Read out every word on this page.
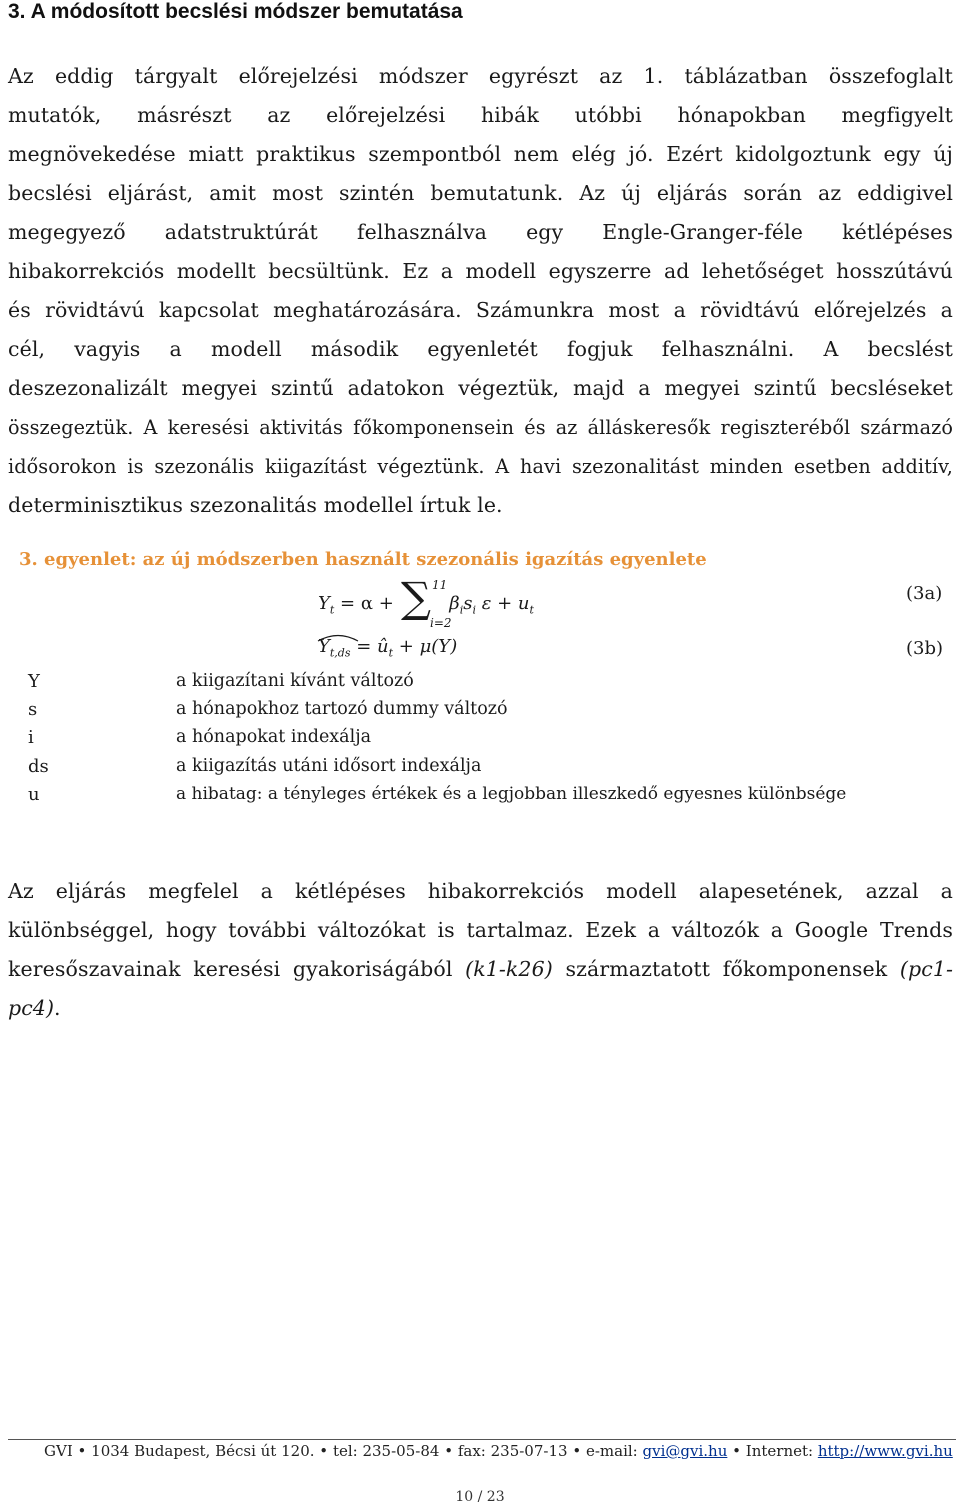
3. A módosított becslési módszer bemutatása

Az eddig tárgyalt előrejelzési módszer egyrészt az 1. táblázatban összefoglalt
mutatók, másrészt az előrejelzési hibák utóbbi hónapokban megfigyelt
megnövekedése miatt praktikus szempontból nem elég jó. Ezért kidolgoztunk egy új
becslési eljárást, amit most szintén bemutatunk. Az új eljárás során az eddigivel
megegyező adatstruktúrát felhasználva egy Engle-Granger-féle kétlépéses
hibakorrekciós modellt becsültünk. Ez a modell egyszerre ad lehetőséget hosszútávú
és rövidtávú kapcsolat meghatározására. Számunkra most a rövidtávú előrejelzés a
cél, vagyis a modell második egyenletét fogjuk felhasználni. A becslést
deszezonalizált megyei szintű adatokon végeztük, majd a megyei szintű becsléseket
összegeztük. A keresési aktivitás főkomponensein és az álláskeresők regiszteréből származó
idősorokon is szezonális kiigazítást végeztünk. A havi szezonalitást minden esetben additív,
determinisztikus szezonalitás modellel írtuk le.

3. egyenlet: az új módszerben használt szezonális igazítás egyenlete
$Y_t = \alpha$ +	$\beta_is_i$ $\varepsilon + u_t$
∑ 11
i=2
(3a)
$Y_{t,ds}$ = $û_t + \mu(Y)$	(3b)
Y	a kiigazítani kívánt változó
s	a hónapokhoz tartozó dummy változó
i	a hónapokat indexálja
ds	a kiigazítás utáni idősort indexálja
u	a hibatag: a tényleges értékek és a legjobban illeszkedő egyesnes különbsége

Az eljárás megfelel a kétlépéses hibakorrekciós modell alapesetének, azzal a
különbséggel, hogy további változókat is tartalmaz. Ezek a változók a Google Trends
keresőszavainak keresési gyakoriságából (k1-k26) származtatott főkomponensek (pc1-
pc4).

GVI • 1034 Budapest, Bécsi út 120. • tel: 235-05-84 • fax: 235-07-13 • e-mail: gvi@gvi.hu • Internet: http://www.gvi.hu
10 / 23
